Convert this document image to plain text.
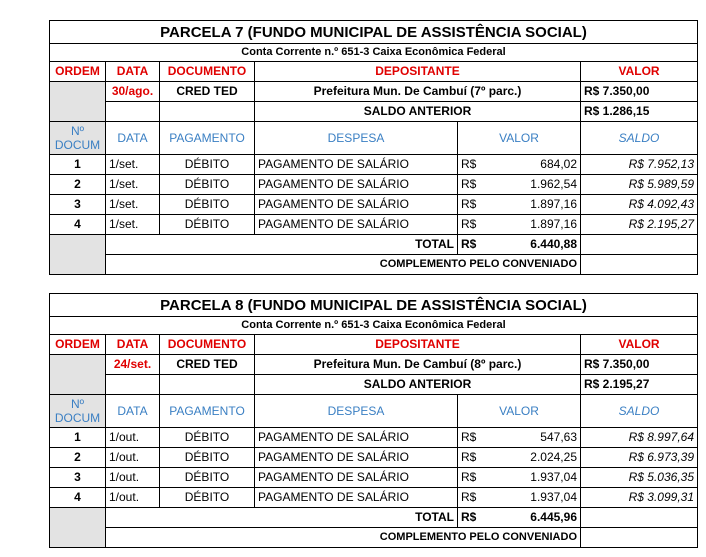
PARCELA 7 (FUNDO MUNICIPAL DE ASSISTÊNCIA SOCIAL)						
Conta Corrente n.º 651-3 Caixa Econômica Federal						
ORDEM	DATA	DOCUMENTO	DEPOSITANTE			VALOR
	30/ago.	CRED TED	Prefeitura Mun. De Cambuí (7º parc.)			R$ 7.350,00
			SALDO ANTERIOR			R$ 1.286,15
Nº DOCUM	DATA	PAGAMENTO	DESPESA	VALOR		SALDO
1	1/set.	DÉBITO	PAGAMENTO DE SALÁRIO	R$	684,02	R$ 7.952,13
2	1/set.	DÉBITO	PAGAMENTO DE SALÁRIO	R$	1.962,54	R$ 5.989,59
3	1/set.	DÉBITO	PAGAMENTO DE SALÁRIO	R$	1.897,16	R$ 4.092,43
4	1/set.	DÉBITO	PAGAMENTO DE SALÁRIO	R$	1.897,16	R$ 2.195,27
	TOTAL			R$	6.440,88	
	COMPLEMENTO PELO CONVENIADO					
PARCELA 8 (FUNDO MUNICIPAL DE ASSISTÊNCIA SOCIAL)						
Conta Corrente n.º 651-3 Caixa Econômica Federal						
ORDEM	DATA	DOCUMENTO	DEPOSITANTE			VALOR
	24/set.	CRED TED	Prefeitura Mun. De Cambuí (8º parc.)			R$ 7.350,00
			SALDO ANTERIOR			R$ 2.195,27
Nº DOCUM	DATA	PAGAMENTO	DESPESA	VALOR		SALDO
1	1/out.	DÉBITO	PAGAMENTO DE SALÁRIO	R$	547,63	R$ 8.997,64
2	1/out.	DÉBITO	PAGAMENTO DE SALÁRIO	R$	2.024,25	R$ 6.973,39
3	1/out.	DÉBITO	PAGAMENTO DE SALÁRIO	R$	1.937,04	R$ 5.036,35
4	1/out.	DÉBITO	PAGAMENTO DE SALÁRIO	R$	1.937,04	R$ 3.099,31
	TOTAL			R$	6.445,96	
	COMPLEMENTO PELO CONVENIADO					
